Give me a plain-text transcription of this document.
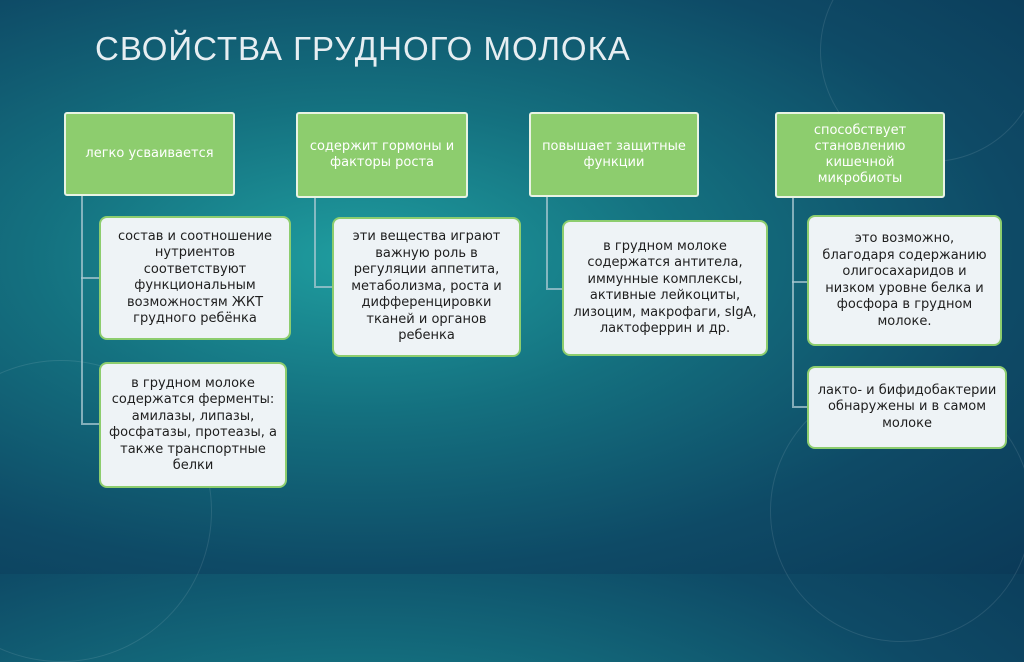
СВОЙСТВА ГРУДНОГО МОЛОКА
легко усваивается
состав и соотношение нутриентов соответствуют функциональным возможностям ЖКТ грудного ребёнка
в грудном молоке содержатся ферменты: амилазы, липазы, фосфатазы, протеазы, а также транспортные белки
содержит гормоны и факторы роста
эти вещества играют важную роль в регуляции аппетита, метаболизма, роста и дифференцировки тканей и органов ребенка
повышает защитные функции
в грудном молоке содержатся антитела, иммунные комплексы, активные лейкоциты, лизоцим, макрофаги, sIgA, лактоферрин и др.
способствует становлению кишечной микробиоты
это возможно, благодаря содержанию олигосахаридов и низком уровне белка и фосфора в грудном молоке.
лакто- и бифидобактерии обнаружены и в самом молоке
